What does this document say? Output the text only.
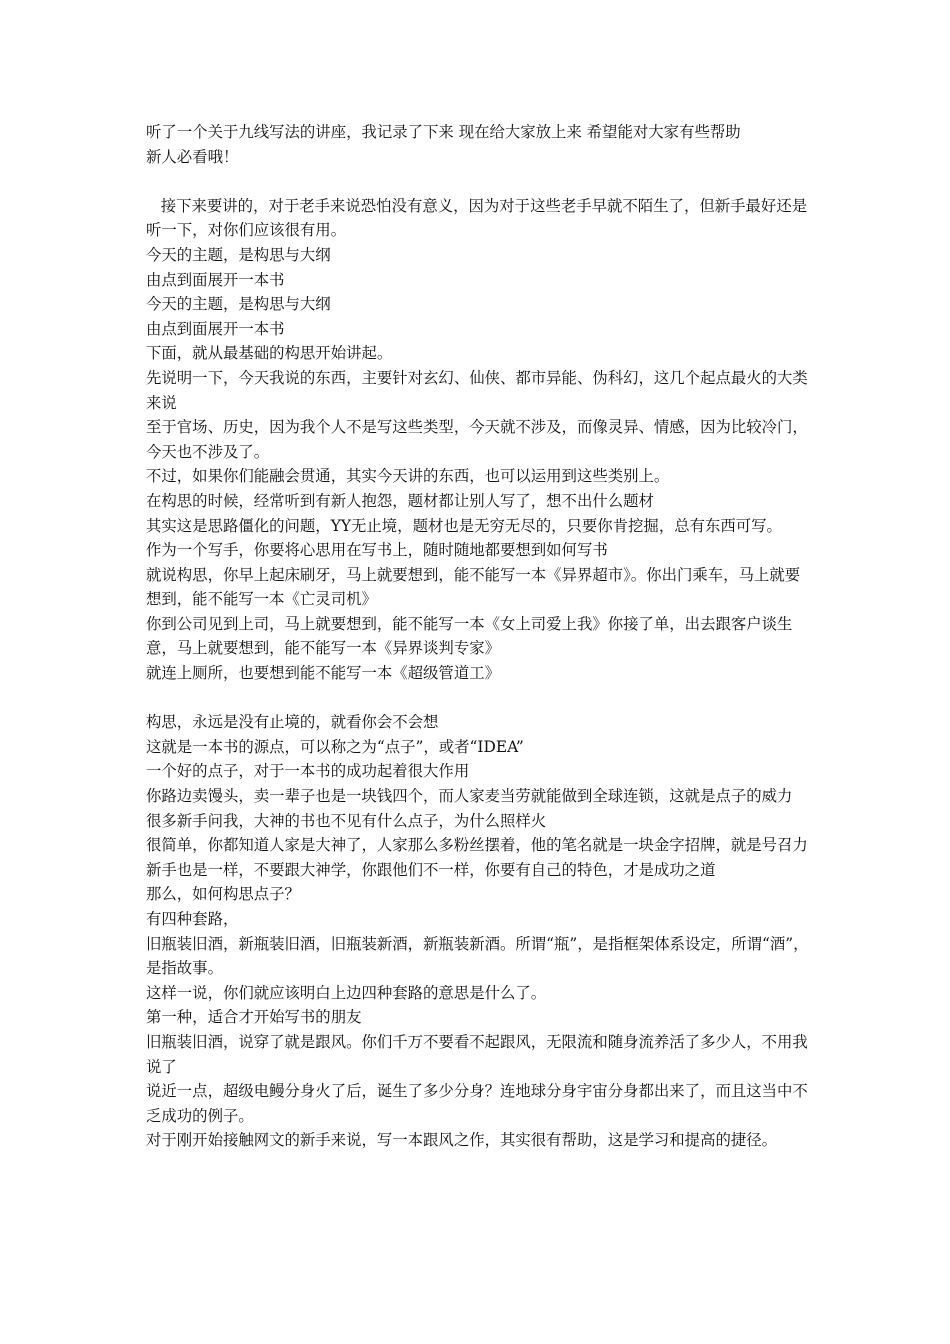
听了一个关于九线写法的讲座，我记录了下来 现在给大家放上来 希望能对大家有些帮助
新人必看哦！
接下来要讲的，对于老手来说恐怕没有意义，因为对于这些老手早就不陌生了，但新手最好还是听一下，对你们应该很有用。
今天的主题，是构思与大纲
由点到面展开一本书
今天的主题，是构思与大纲
由点到面展开一本书
下面，就从最基础的构思开始讲起。
先说明一下，今天我说的东西，主要针对玄幻、仙侠、都市异能、伪科幻，这几个起点最火的大类来说
至于官场、历史，因为我个人不是写这些类型，今天就不涉及，而像灵异、情感，因为比较冷门，今天也不涉及了。
不过，如果你们能融会贯通，其实今天讲的东西，也可以运用到这些类别上。
在构思的时候，经常听到有新人抱怨，题材都让别人写了，想不出什么题材
其实这是思路僵化的问题，YY无止境，题材也是无穷无尽的，只要你肯挖掘，总有东西可写。
作为一个写手，你要将心思用在写书上，随时随地都要想到如何写书
就说构思，你早上起床刷牙，马上就要想到，能不能写一本《异界超市》。你出门乘车，马上就要想到，能不能写一本《亡灵司机》
你到公司见到上司，马上就要想到，能不能写一本《女上司爱上我》你接了单，出去跟客户谈生意，马上就要想到，能不能写一本《异界谈判专家》
就连上厕所，也要想到能不能写一本《超级管道工》
构思，永远是没有止境的，就看你会不会想
这就是一本书的源点，可以称之为“点子”，或者“IDEA”
一个好的点子，对于一本书的成功起着很大作用
你路边卖馒头，卖一辈子也是一块钱四个，而人家麦当劳就能做到全球连锁，这就是点子的威力
很多新手问我，大神的书也不见有什么点子，为什么照样火
很简单，你都知道人家是大神了，人家那么多粉丝摆着，他的笔名就是一块金字招牌，就是号召力
新手也是一样，不要跟大神学，你跟他们不一样，你要有自己的特色，才是成功之道
那么，如何构思点子？
有四种套路，
旧瓶装旧酒，新瓶装旧酒，旧瓶装新酒，新瓶装新酒。所谓“瓶”，是指框架体系设定，所谓“酒”，是指故事。
这样一说，你们就应该明白上边四种套路的意思是什么了。
第一种，适合才开始写书的朋友
旧瓶装旧酒，说穿了就是跟风。你们千万不要看不起跟风，无限流和随身流养活了多少人，不用我说了
说近一点，超级电鳗分身火了后，诞生了多少分身？连地球分身宇宙分身都出来了，而且这当中不乏成功的例子。
对于刚开始接触网文的新手来说，写一本跟风之作，其实很有帮助，这是学习和提高的捷径。
